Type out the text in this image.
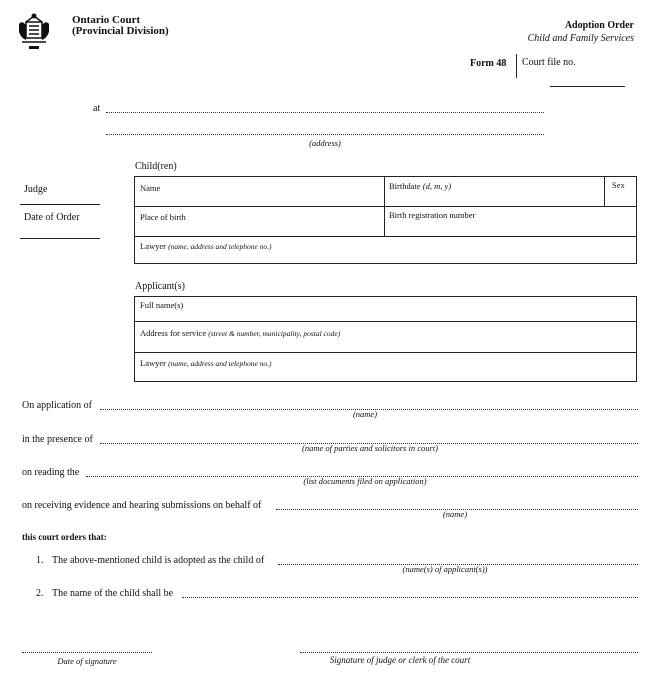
Ontario Court
(Provincial Division)	Adoption Order
Child and Family Services
Form 48 Court file no.
at
(address)
Judge
Date of Order
Child(ren)
Name	Birthdate (d, m, y)	Sex
Place of birth	Birth registration number
Lawyer (name, address and telephone no.)
Applicant(s)
Full name(s)
Address for service (street & number, municipality, postal code)
Lawyer (name, address and telephone no.)
On application of
(name)
in the presence of
(name of parties and solicitors in court)
on reading the
(list documents filed on application)
on receiving evidence and hearing submissions on behalf of
(name)
this court orders that:
1. The above-mentioned child is adopted as the child of
(name(s) of applicant(s))
2. The name of the child shall be
Date of signature	Signature of judge or clerk of the court
